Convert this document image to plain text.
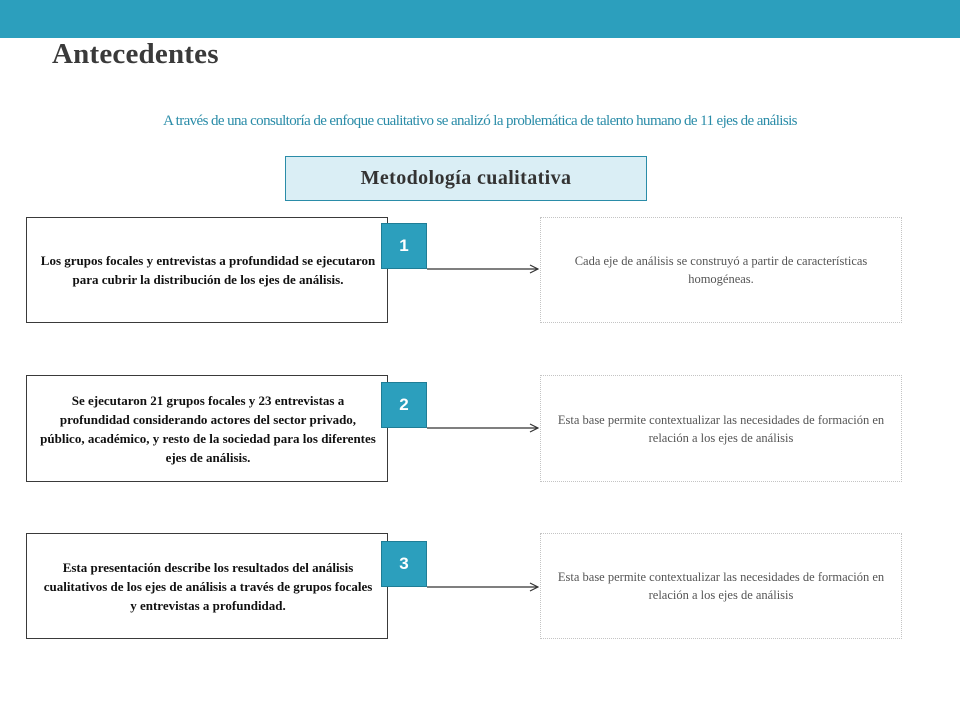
Antecedentes
A través de una consultoría de enfoque cualitativo se analizó la problemática de talento humano de 11 ejes de análisis
Metodología cualitativa
Los grupos focales y entrevistas a profundidad se ejecutaron para cubrir la distribución de los ejes de análisis.
1
Cada eje de análisis se construyó a partir de características homogéneas.
Se ejecutaron 21 grupos focales y 23 entrevistas a profundidad considerando actores del sector privado, público, académico, y resto de la sociedad para los diferentes ejes de análisis.
2
Esta base permite contextualizar las necesidades de formación en relación a los ejes de análisis
Esta presentación describe los resultados del análisis cualitativos de los ejes de análisis a través de grupos focales y entrevistas a profundidad.
3
Esta base permite contextualizar las necesidades de formación en relación a los ejes de análisis
